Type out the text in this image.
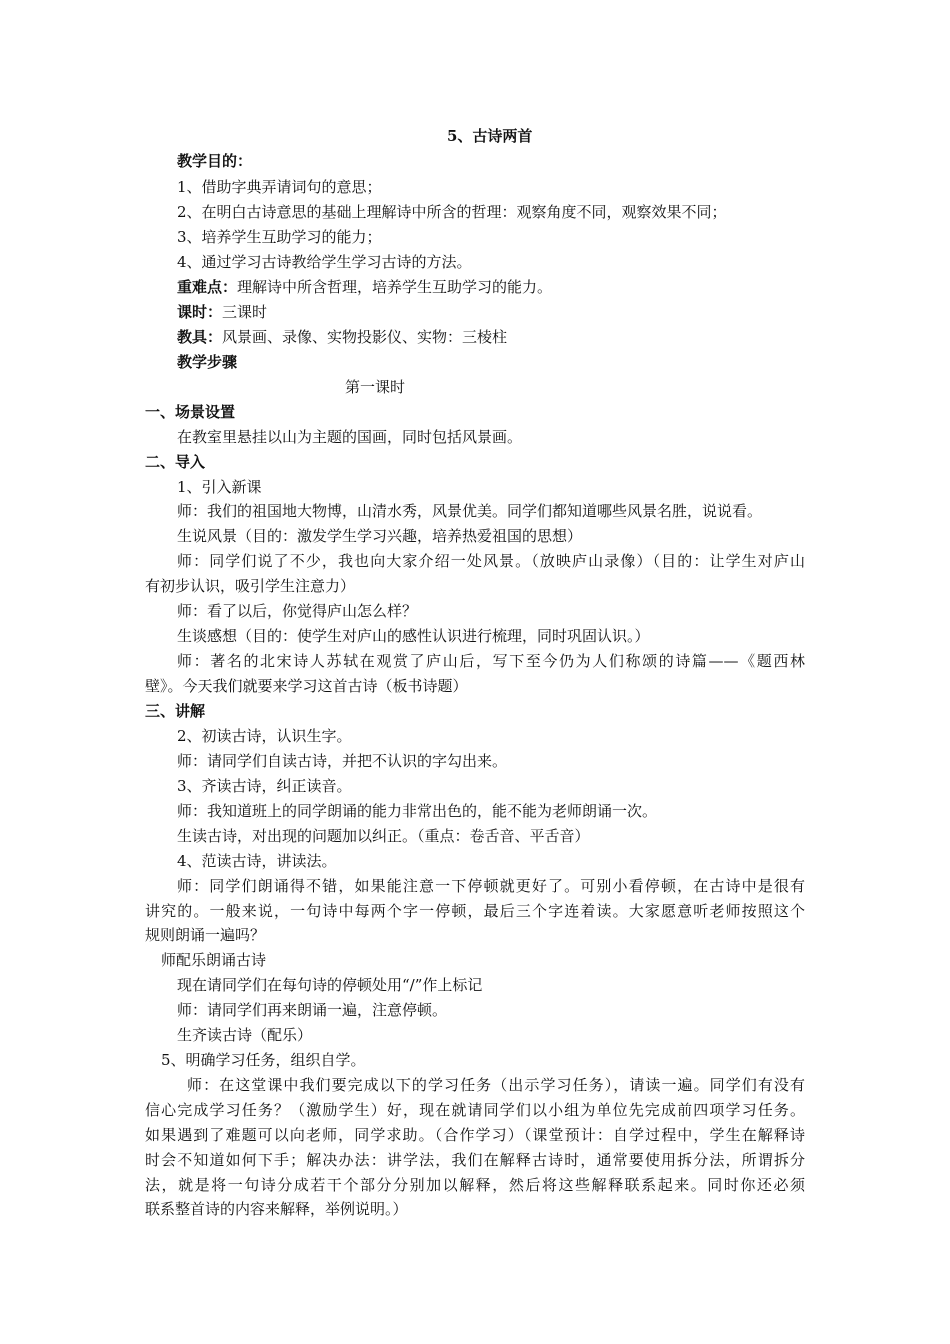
5、古诗两首
教学目的：
1、借助字典弄请词句的意思；
2、在明白古诗意思的基础上理解诗中所含的哲理：观察角度不同，观察效果不同；
3、培养学生互助学习的能力；
4、通过学习古诗教给学生学习古诗的方法。
重难点：理解诗中所含哲理，培养学生互助学习的能力。
课时：三课时
教具：风景画、录像、实物投影仪、实物：三棱柱
教学步骤
第一课时
一、场景设置
在教室里悬挂以山为主题的国画，同时包括风景画。
二、导入
1、引入新课
师：我们的祖国地大物博，山清水秀，风景优美。同学们都知道哪些风景名胜，说说看。
生说风景（目的：激发学生学习兴趣，培养热爱祖国的思想）
师：同学们说了不少，我也向大家介绍一处风景。（放映庐山录像）（目的：让学生对庐山
有初步认识，吸引学生注意力）
师：看了以后，你觉得庐山怎么样？
生谈感想（目的：使学生对庐山的感性认识进行梳理，同时巩固认识。）
师：著名的北宋诗人苏轼在观赏了庐山后，写下至今仍为人们称颂的诗篇——《题西林
壁》。今天我们就要来学习这首古诗（板书诗题）
三、讲解
2、初读古诗，认识生字。
师：请同学们自读古诗，并把不认识的字勾出来。
3、齐读古诗，纠正读音。
师：我知道班上的同学朗诵的能力非常出色的，能不能为老师朗诵一次。
生读古诗，对出现的问题加以纠正。（重点：卷舌音、平舌音）
4、范读古诗，讲读法。
师：同学们朗诵得不错，如果能注意一下停顿就更好了。可别小看停顿，在古诗中是很有
讲究的。一般来说，一句诗中每两个字一停顿，最后三个字连着读。大家愿意听老师按照这个
规则朗诵一遍吗？
师配乐朗诵古诗
现在请同学们在每句诗的停顿处用“/”作上标记
师：请同学们再来朗诵一遍，注意停顿。
生齐读古诗（配乐）
5、明确学习任务，组织自学。
师：在这堂课中我们要完成以下的学习任务（出示学习任务），请读一遍。同学们有没有
信心完成学习任务？（激励学生）好，现在就请同学们以小组为单位先完成前四项学习任务。
如果遇到了难题可以向老师，同学求助。（合作学习）（课堂预计：自学过程中，学生在解释诗
时会不知道如何下手；解决办法：讲学法，我们在解释古诗时，通常要使用拆分法，所谓拆分
法，就是将一句诗分成若干个部分分别加以解释，然后将这些解释联系起来。同时你还必须
联系整首诗的内容来解释，举例说明。）
